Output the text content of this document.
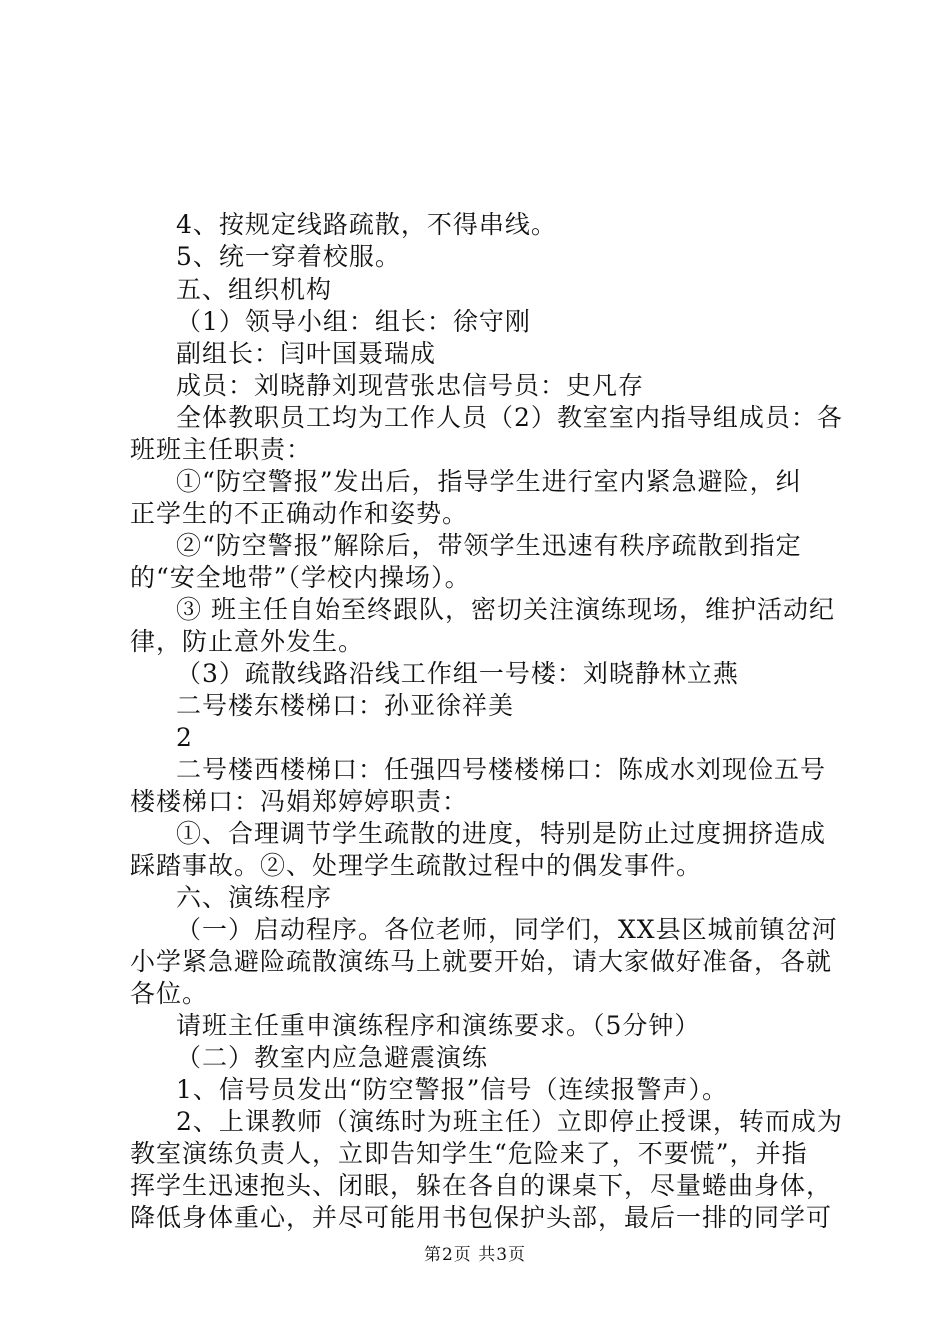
4、按规定线路疏散，不得串线。
5、统一穿着校服。
五、组织机构
（1）领导小组：组长：徐守刚
副组长：闫叶国聂瑞成
成员：刘晓静刘现营张忠信号员：史凡存
全体教职员工均为工作人员（2）教室室内指导组成员：各
班班主任职责：
①“防空警报”发出后，指导学生进行室内紧急避险，纠
正学生的不正确动作和姿势。
②“防空警报”解除后，带领学生迅速有秩序疏散到指定
的“安全地带”（学校内操场）。
③ 班主任自始至终跟队，密切关注演练现场，维护活动纪
律，防止意外发生。
（3）疏散线路沿线工作组一号楼：刘晓静林立燕
二号楼东楼梯口：孙亚徐祥美
2
二号楼西楼梯口：任强四号楼楼梯口：陈成水刘现俭五号
楼楼梯口：冯娟郑婷婷职责：
①、合理调节学生疏散的进度，特别是防止过度拥挤造成
踩踏事故。②、处理学生疏散过程中的偶发事件。
六、演练程序
（一）启动程序。各位老师，同学们，XX县区城前镇岔河
小学紧急避险疏散演练马上就要开始，请大家做好准备，各就
各位。
请班主任重申演练程序和演练要求。（5分钟）
（二）教室内应急避震演练
1、信号员发出“防空警报”信号（连续报警声）。
2、上课教师（演练时为班主任）立即停止授课，转而成为
教室演练负责人，立即告知学生“危险来了，不要慌”，并指
挥学生迅速抱头、闭眼，躲在各自的课桌下，尽量蜷曲身体，
降低身体重心，并尽可能用书包保护头部，最后一排的同学可
第2页 共3页
